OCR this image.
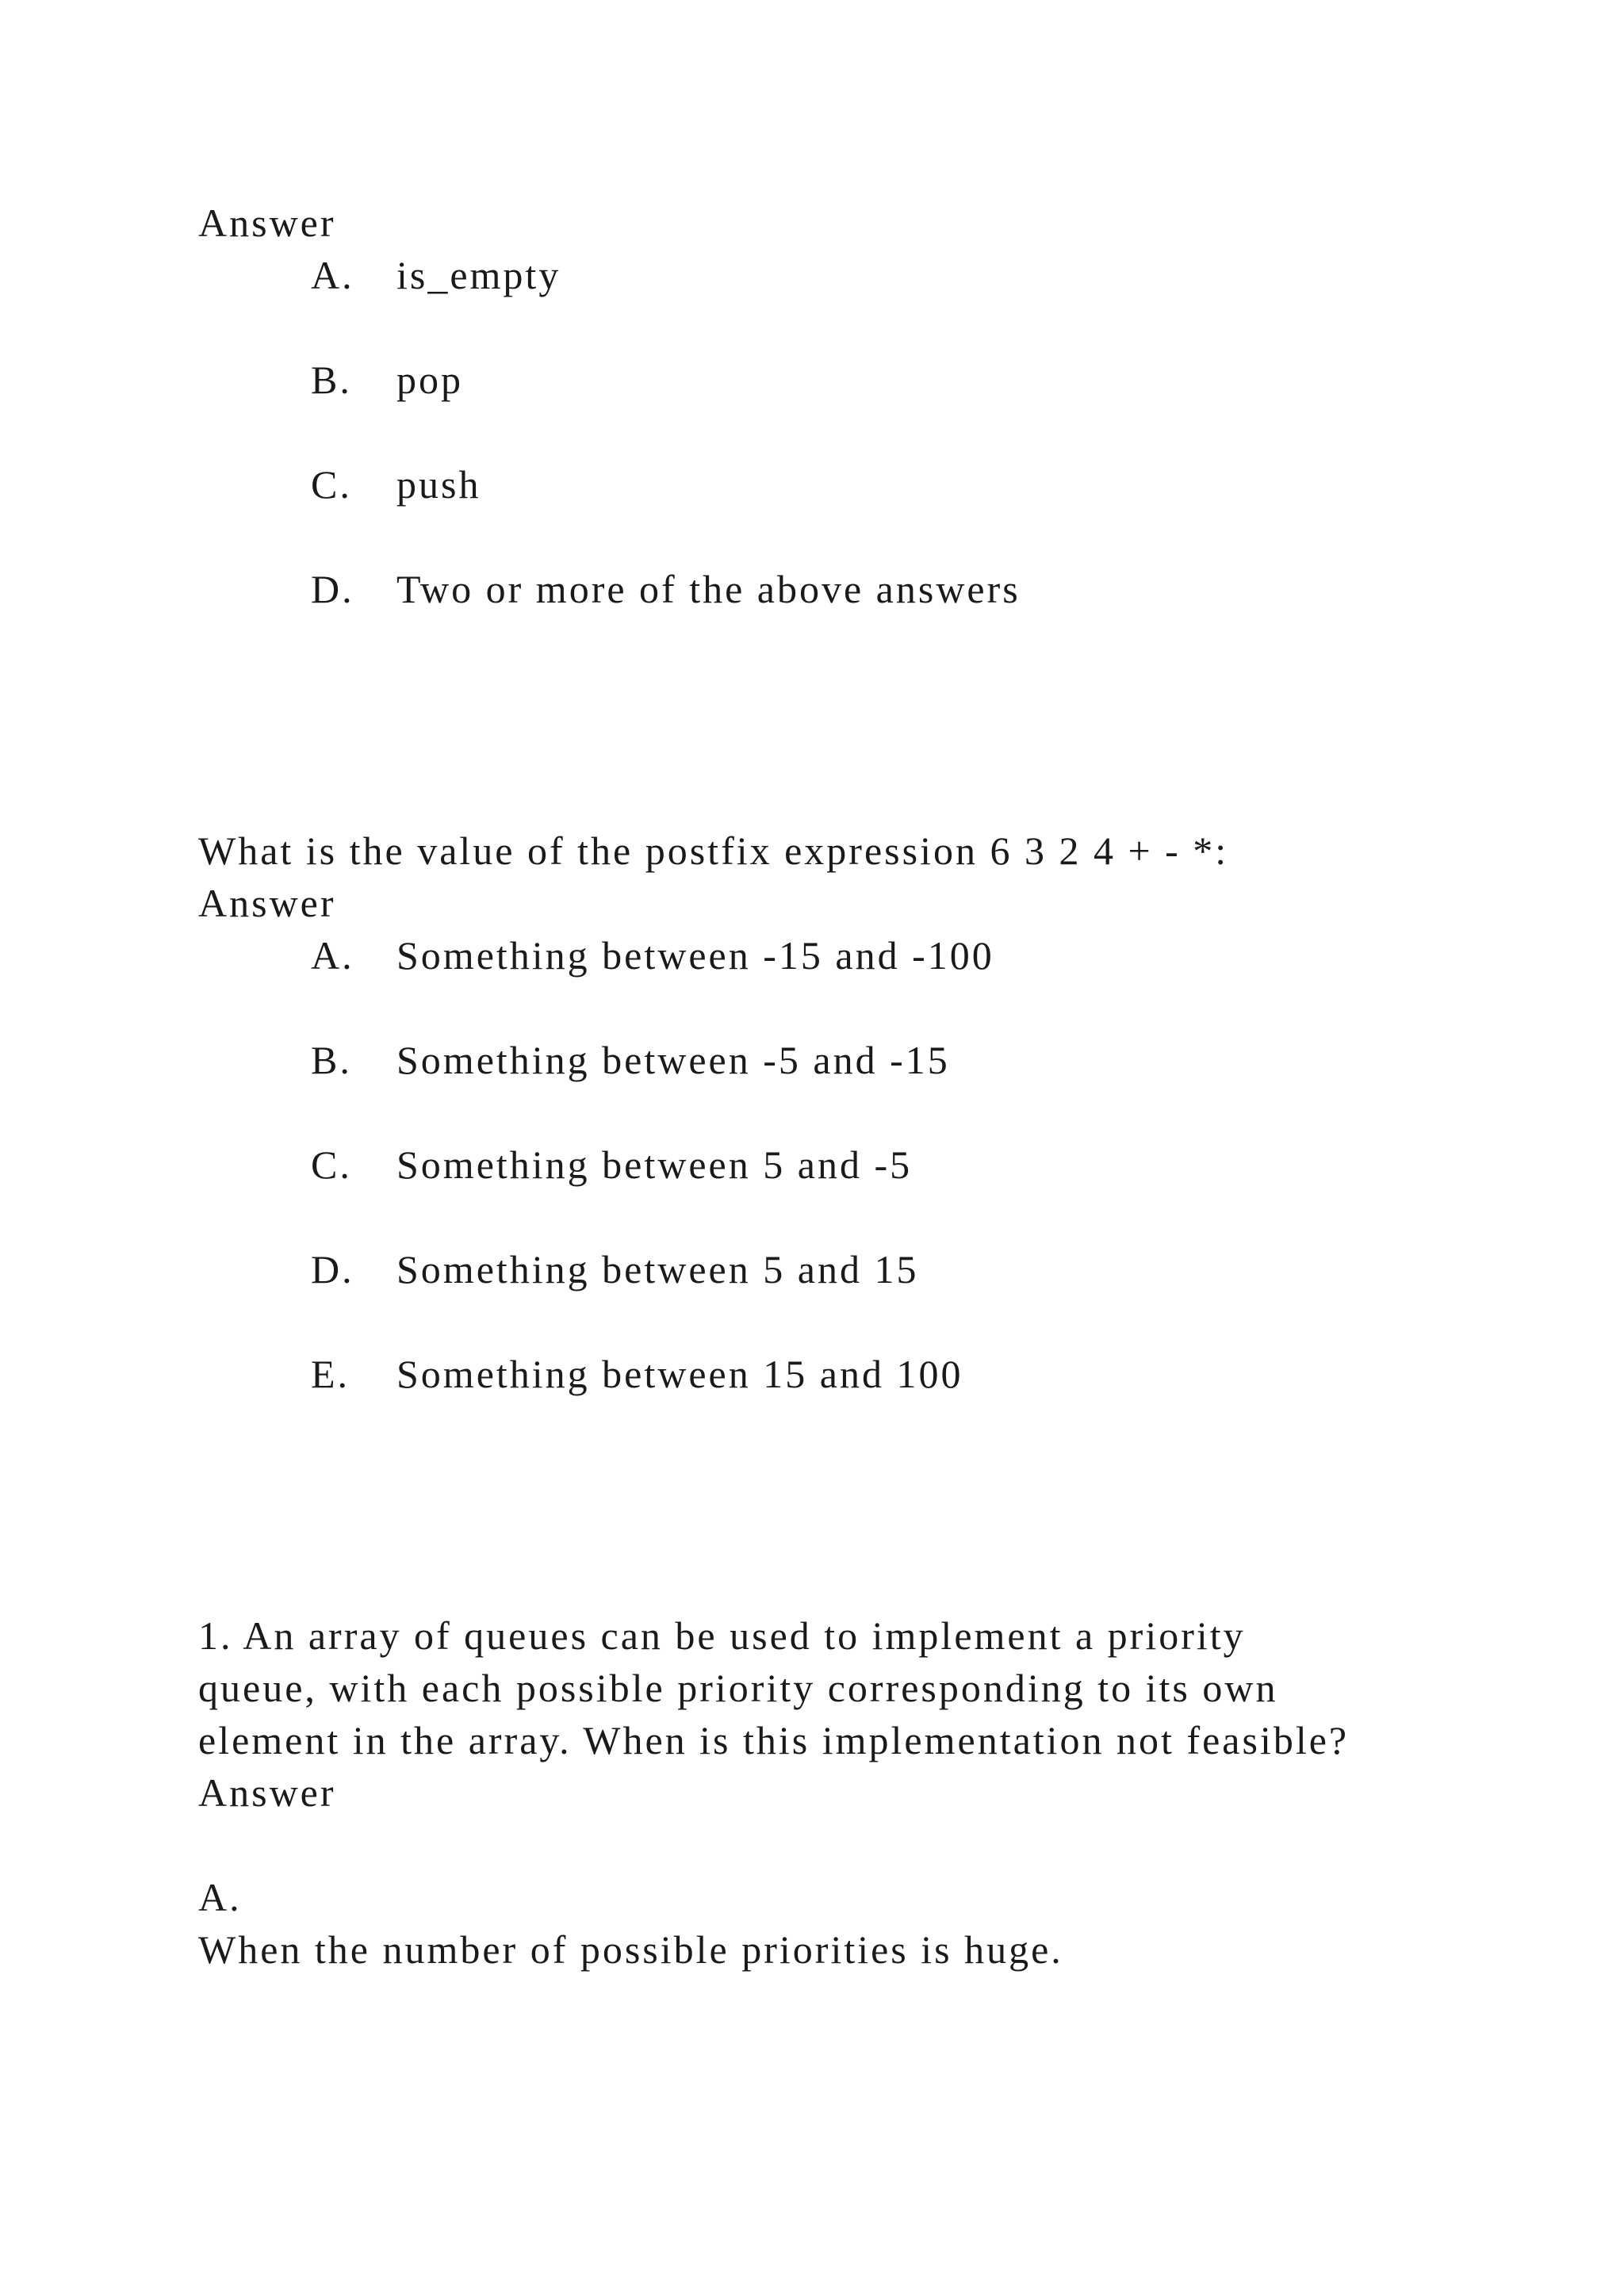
Answer
A. is_empty
B. pop
C. push
D. Two or more of the above answers
What is the value of the postfix expression 6 3 2 4 + - *:
Answer
A. Something between -15 and -100
B. Something between -5 and -15
C. Something between 5 and -5
D. Something between 5 and 15
E. Something between 15 and 100
1. An array of queues can be used to implement a priority
queue, with each possible priority corresponding to its own
element in the array. When is this implementation not feasible?
Answer
A.
When the number of possible priorities is huge.
